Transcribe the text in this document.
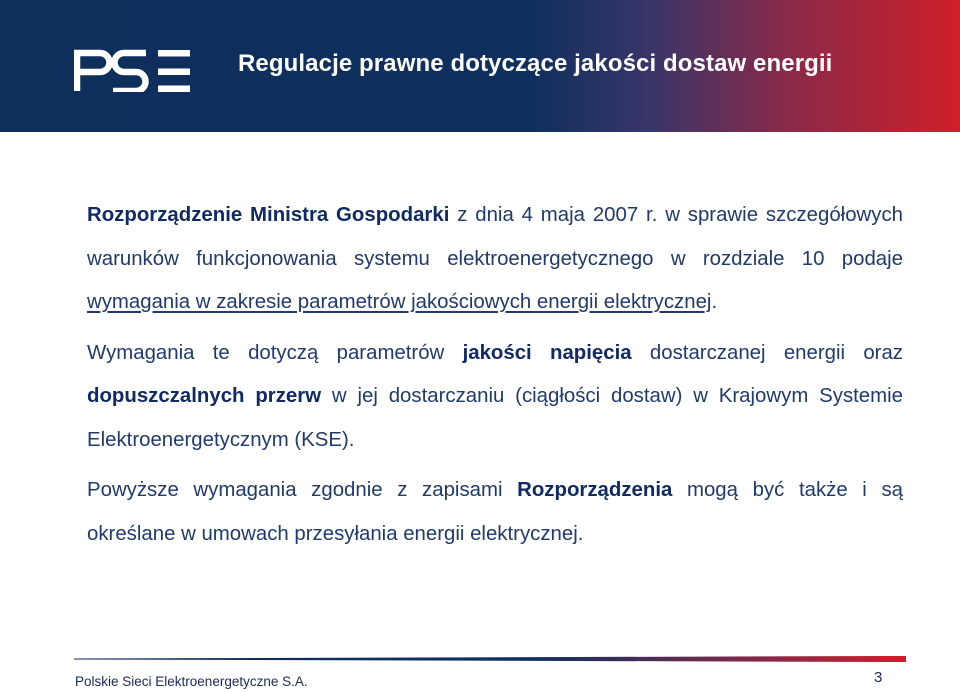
Regulacje prawne dotyczące jakości dostaw energii

Rozporządzenie Ministra Gospodarki z dnia 4 maja 2007 r. w sprawie szczegółowych warunków funkcjonowania systemu elektroenergetycznego w rozdziale 10 podaje wymagania w zakresie parametrów jakościowych energii elektrycznej.

Wymagania te dotyczą parametrów jakości napięcia dostarczanej energii oraz dopuszczalnych przerw w jej dostarczaniu (ciągłości dostaw) w Krajowym Systemie Elektroenergetycznym (KSE).

Powyższe wymagania zgodnie z zapisami Rozporządzenia mogą być także i są określane w umowach przesyłania energii elektrycznej.

Polskie Sieci Elektroenergetyczne S.A.	3
